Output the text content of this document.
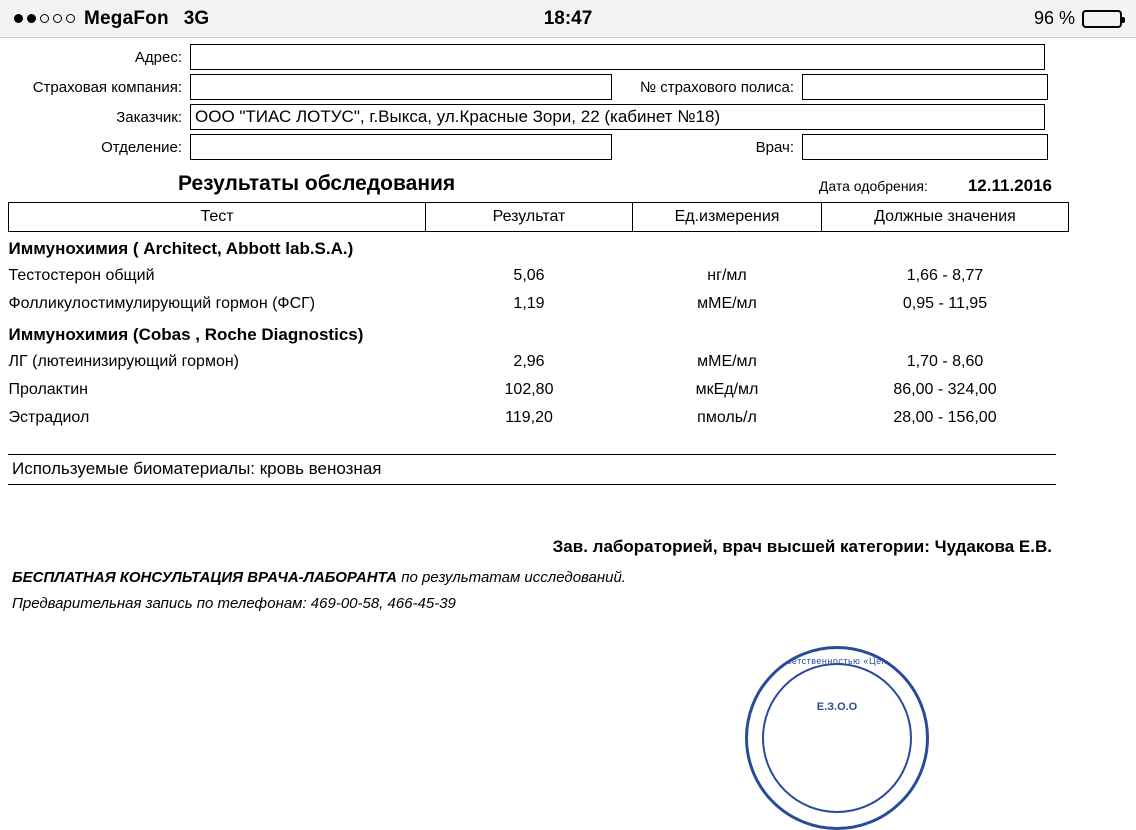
MegaFon 3G	18:47	96 %
Адрес:
Страховая компания:	№ страхового полиса:
Заказчик: ООО "ТИАС ЛОТУС", г.Выкса, ул.Красные Зори, 22 (кабинет №18)
Отделение:	Врач:
Результаты обследования	Дата одобрения: 12.11.2016
Тест	Результат	Ед.измерения	Должные значения
Иммунохимия ( Architect, Abbott lab.S.A.)			
Тестостерон общий	5,06	нг/мл	1,66 - 8,77
Фолликулостимулирующий гормон (ФСГ)	1,19	мМЕ/мл	0,95 - 11,95
Иммунохимия (Cobas , Roche Diagnostics)			
ЛГ (лютеинизирующий гормон)	2,96	мМЕ/мл	1,70 - 8,60
Пролактин	102,80	мкЕд/мл	86,00 - 324,00
Эстрадиол	119,20	пмоль/л	28,00 - 156,00
Используемые биоматериалы: кровь венозная
Зав. лабораторией, врач высшей категории: Чудакова Е.В.
БЕСПЛАТНАЯ КОНСУЛЬТАЦИЯ ВРАЧА-ЛАБОРАНТА по результатам исследований.
Предварительная запись по телефонам: 469-00-58, 466-45-39
ответственностью «Центр
Е.З.О.О
